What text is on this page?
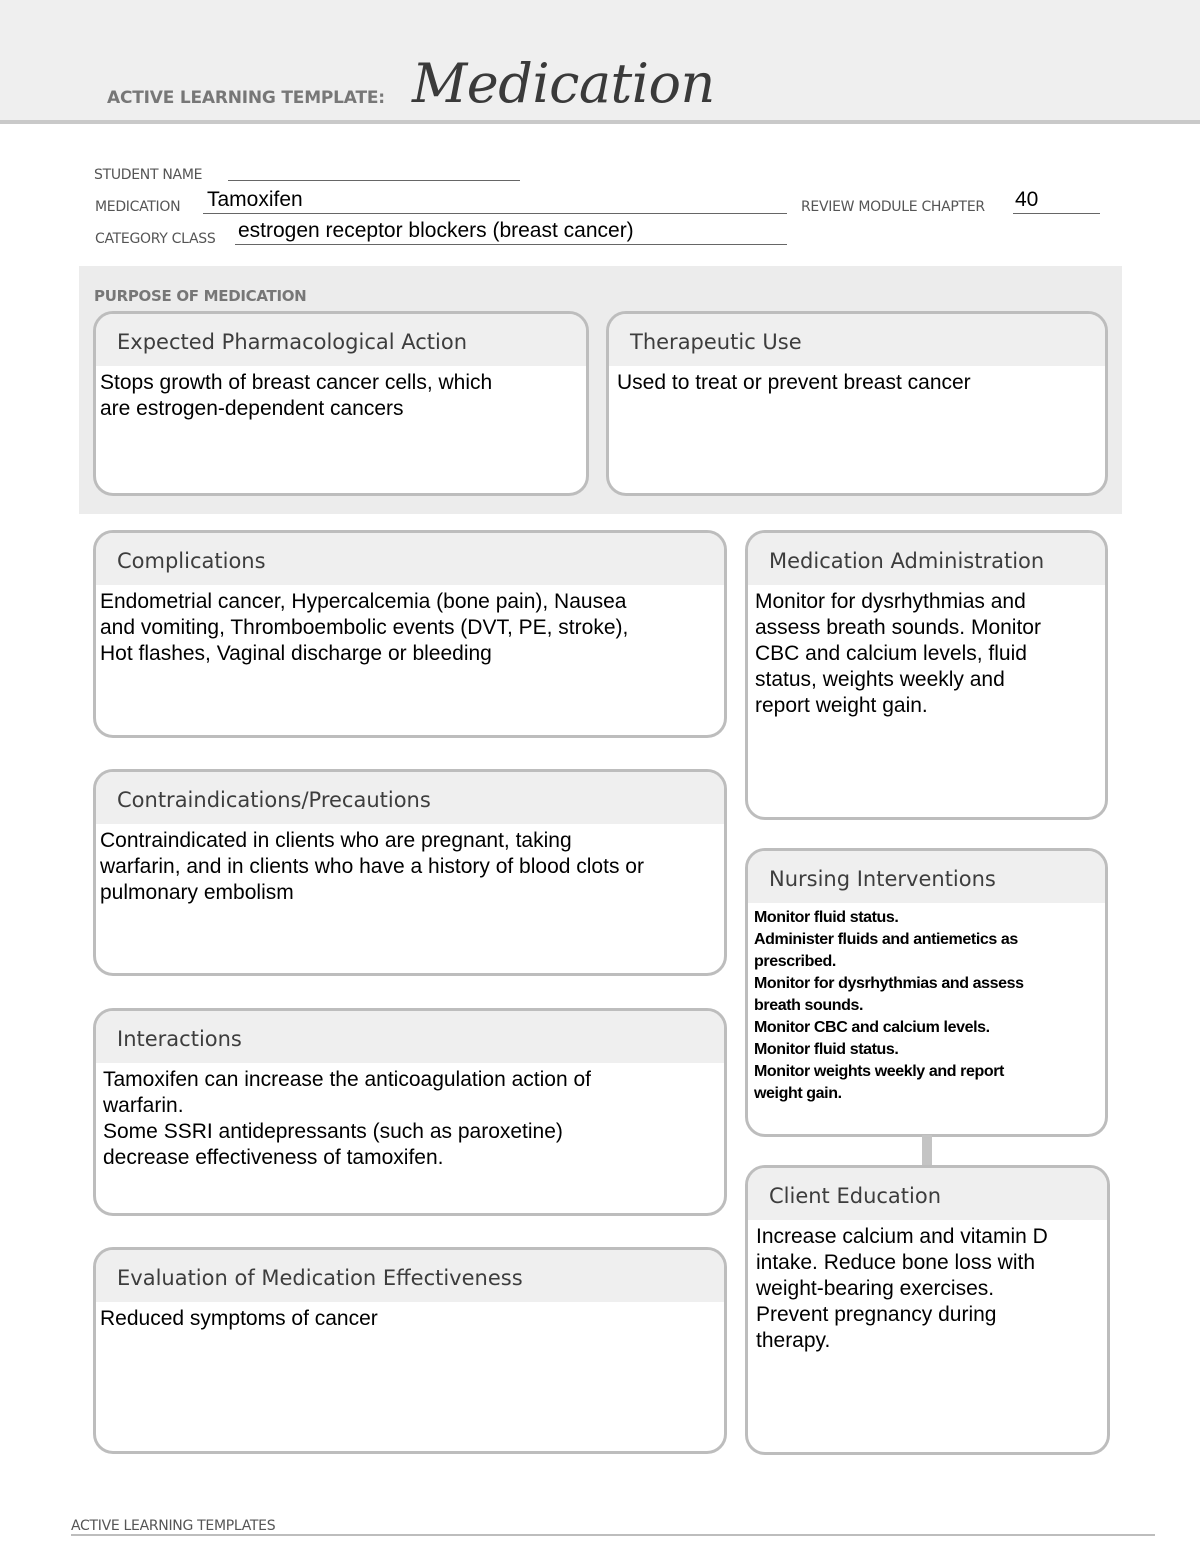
ACTIVE LEARNING TEMPLATE: Medication
STUDENT NAME
MEDICATION Tamoxifen	REVIEW MODULE CHAPTER 40
CATEGORY CLASS estrogen receptor blockers (breast cancer)
PURPOSE OF MEDICATION
Expected Pharmacological Action
Stops growth of breast cancer cells, which
are estrogen-dependent cancers
Therapeutic Use
Used to treat or prevent breast cancer
Complications
Endometrial cancer, Hypercalcemia (bone pain), Nausea
and vomiting, Thromboembolic events (DVT, PE, stroke),
Hot flashes, Vaginal discharge or bleeding
Contraindications/Precautions
Contraindicated in clients who are pregnant, taking
warfarin, and in clients who have a history of blood clots or
pulmonary embolism
Interactions
Tamoxifen can increase the anticoagulation action of
warfarin.
Some SSRI antidepressants (such as paroxetine)
decrease effectiveness of tamoxifen.
Evaluation of Medication Effectiveness
Reduced symptoms of cancer
Medication Administration
Monitor for dysrhythmias and
assess breath sounds. Monitor
CBC and calcium levels, fluid
status, weights weekly and
report weight gain.
Nursing Interventions
Monitor fluid status.
Administer fluids and antiemetics as
prescribed.
Monitor for dysrhythmias and assess
breath sounds.
Monitor CBC and calcium levels.
Monitor fluid status.
Monitor weights weekly and report
weight gain.
Client Education
Increase calcium and vitamin D
intake. Reduce bone loss with
weight-bearing exercises.
Prevent pregnancy during
therapy.
ACTIVE LEARNING TEMPLATES
